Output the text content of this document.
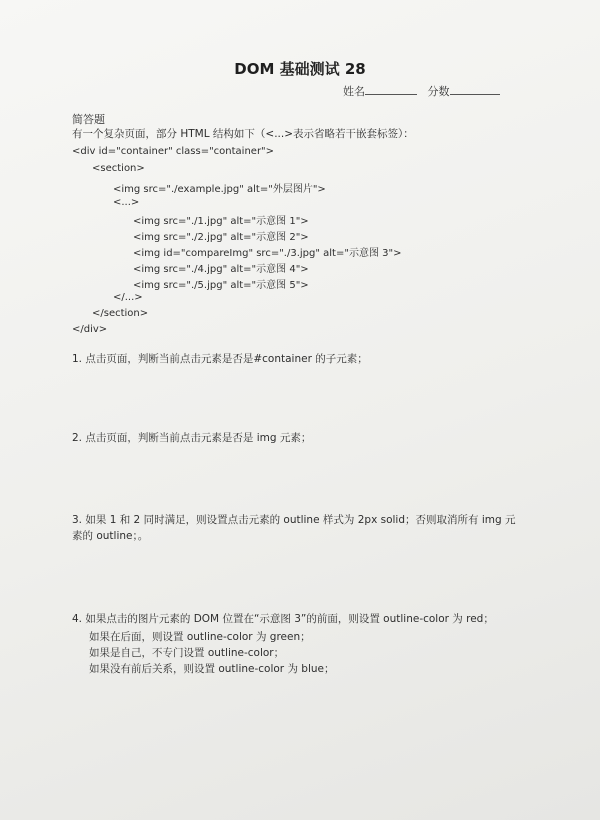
DOM 基础测试 28
姓名	分数
简答题
有一个复杂页面，部分 HTML 结构如下（<...>表示省略若干嵌套标签）：
<div id="container" class="container">
<section>
<img src="./example.jpg" alt="外层图片">
<...>
<img src="./1.jpg" alt="示意图 1">
<img src="./2.jpg" alt="示意图 2">
<img id="compareImg" src="./3.jpg" alt="示意图 3">
<img src="./4.jpg" alt="示意图 4">
<img src="./5.jpg" alt="示意图 5">
</...>
</section>
</div>
1. 点击页面，判断当前点击元素是否是#container 的子元素；
2. 点击页面，判断当前点击元素是否是 img 元素；
3. 如果 1 和 2 同时满足，则设置点击元素的 outline 样式为 2px solid；否则取消所有 img 元
素的 outline；。
4. 如果点击的图片元素的 DOM 位置在“示意图 3”的前面，则设置 outline-color 为 red；
如果在后面，则设置 outline-color 为 green；
如果是自己，不专门设置 outline-color；
如果没有前后关系，则设置 outline-color 为 blue；
